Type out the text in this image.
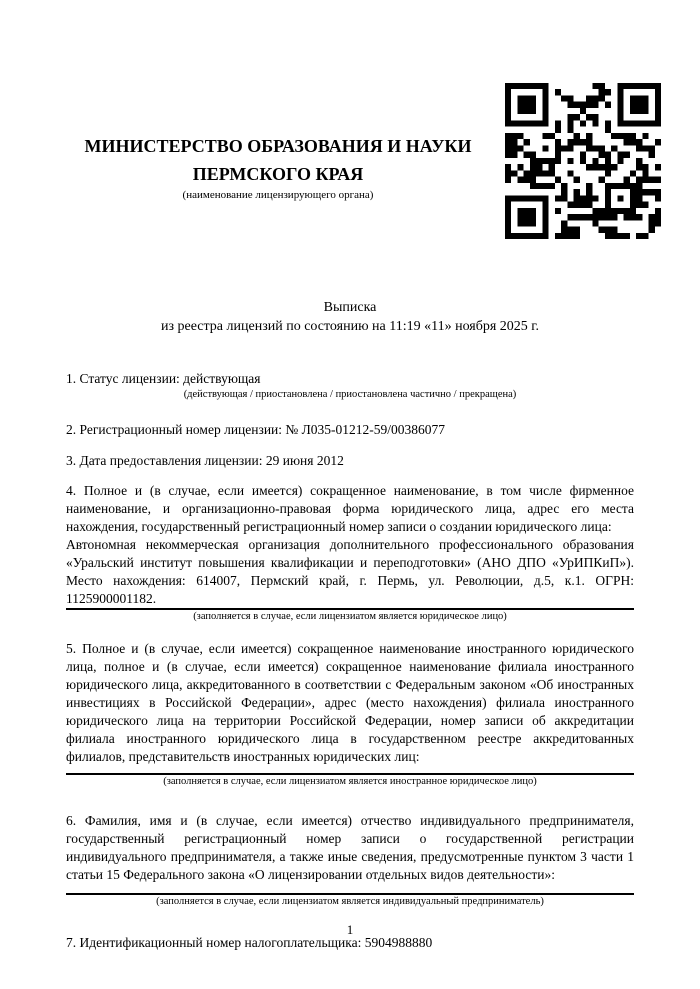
МИНИСТЕРСТВО ОБРАЗОВАНИЯ И НАУКИ

ПЕРМСКОГО КРАЯ

(наименование лицензирующего органа)

Выписка
из реестра лицензий по состоянию на 11:19 «11» ноября 2025 г.

1. Статус лицензии: действующая

(действующая / приостановлена / приостановлена частично / прекращена)

2. Регистрационный номер лицензии: № Л035-01212-59/00386077

3. Дата предоставления лицензии: 29 июня 2012

4. Полное и (в случае, если имеется) сокращенное наименование, в том числе фирменное наименование, и организационно-правовая форма юридического лица, адрес его места нахождения, государственный регистрационный номер записи о создании юридического лица:

Автономная некоммерческая организация дополнительного профессионального образования «Уральский институт повышения квалификации и переподготовки» (АНО ДПО «УрИПКиП»). Место нахождения: 614007, Пермский край, г. Пермь, ул. Революции, д.5, к.1. ОГРН: 1125900001182.

(заполняется в случае, если лицензиатом является юридическое лицо)

5. Полное и (в случае, если имеется) сокращенное наименование иностранного юридического лица, полное и (в случае, если имеется) сокращенное наименование филиала иностранного юридического лица, аккредитованного в соответствии с Федеральным законом «Об иностранных инвестициях в Российской Федерации», адрес (место нахождения) филиала иностранного юридического лица на территории Российской Федерации, номер записи об аккредитации филиала иностранного юридического лица в государственном реестре аккредитованных филиалов, представительств иностранных юридических лиц:

(заполняется в случае, если лицензиатом является иностранное юридическое лицо)

6. Фамилия, имя и (в случае, если имеется) отчество индивидуального предпринимателя, государственный регистрационный номер записи о государственной регистрации индивидуального предпринимателя, а также иные сведения, предусмотренные пунктом 3 части 1 статьи 15 Федерального закона «О лицензировании отдельных видов деятельности»:

(заполняется в случае, если лицензиатом является индивидуальный предприниматель)

7. Идентификационный номер налогоплательщика: 5904988880

1
